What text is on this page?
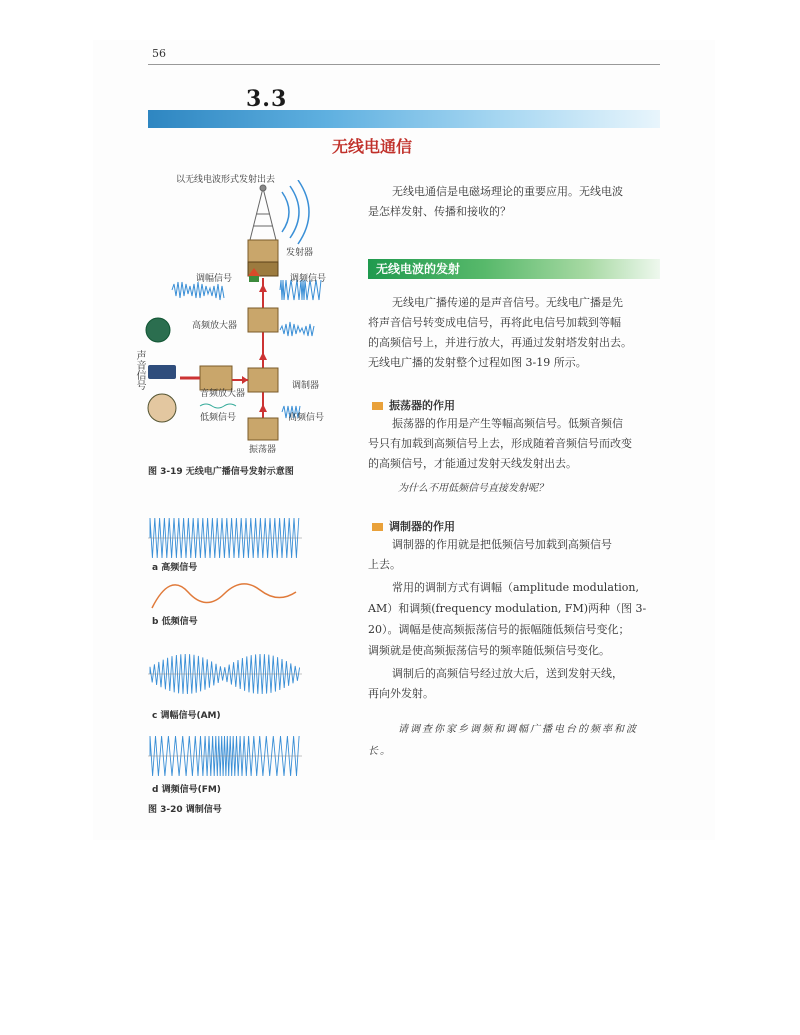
56
3.3
无线电通信
无线电通信是电磁场理论的重要应用。无线电波
是怎样发射、传播和接收的？
无线电波的发射
无线电广播传递的是声音信号。无线电广播是先
将声音信号转变成电信号，再将此电信号加载到等幅
的高频信号上，并进行放大，再通过发射塔发射出去。
无线电广播的发射整个过程如图 3-19 所示。
振荡器的作用
振荡器的作用是产生等幅高频信号。低频音频信
号只有加载到高频信号上去，形成随着音频信号而改变
的高频信号，才能通过发射天线发射出去。
为什么不用低频信号直接发射呢？
调制器的作用
调制器的作用就是把低频信号加载到高频信号
上去。
常用的调制方式有调幅（amplitude modulation,
AM）和调频(frequency modulation, FM)两种（图 3-
20）。调幅是使高频振荡信号的振幅随低频信号变化；
调频就是使高频振荡信号的频率随低频信号变化。
调制后的高频信号经过放大后，送到发射天线，
再向外发射。
请调查你家乡调频和调幅广播电台的频率和波
长。
以无线电波形式发射出去
发射器
调幅信号	调频信号
高频放大器
声音信号
音频放大器
调制器
低频信号	高频信号
振荡器
图 3-19 无线电广播信号发射示意图
a 高频信号
b 低频信号
c 调幅信号(AM)
d 调频信号(FM)
图 3-20 调制信号
